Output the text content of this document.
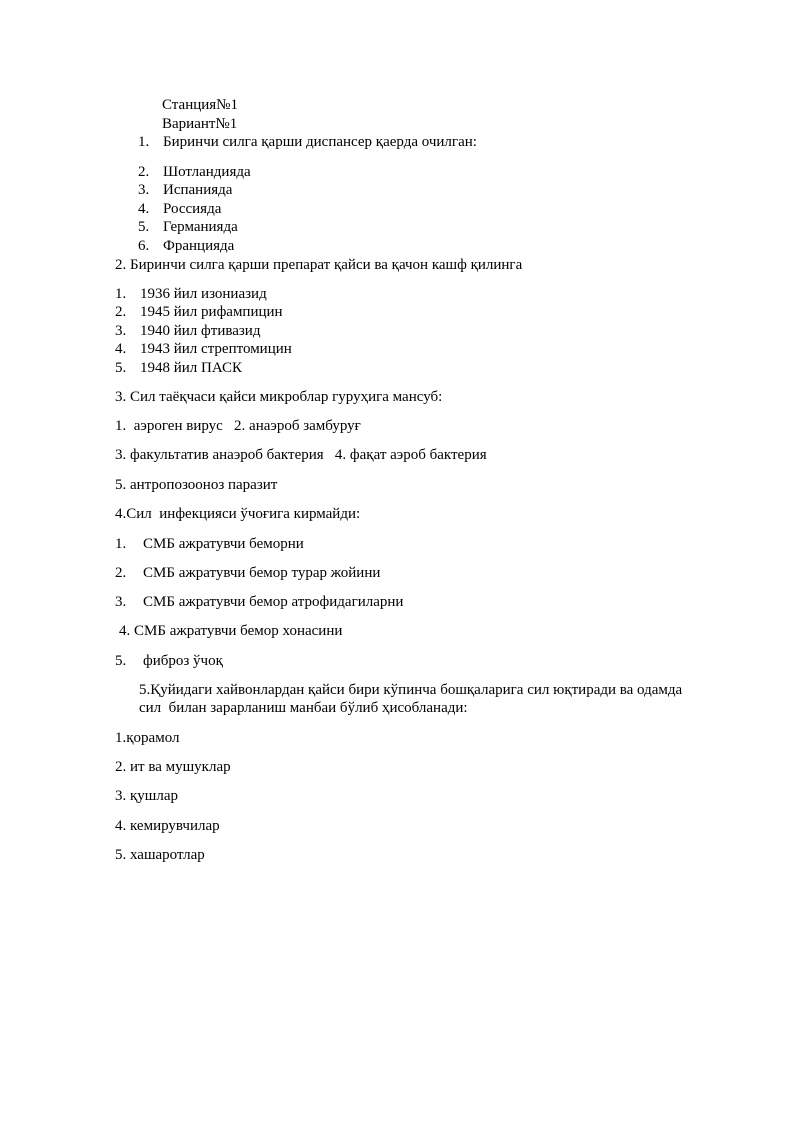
Станция№1
Вариант№1
1. Биринчи силга қарши диспансер қаерда очилган:
2. Шотландияда
3. Испанияда
4. Россияда
5. Германияда
6. Францияда
2. Биринчи силга қарши препарат қайси ва қачон кашф қилинга
1. 1936 йил изониазид
2. 1945 йил рифампицин
3. 1940 йил фтивазид
4. 1943 йил стрептомицин
5. 1948 йил ПАСК
3. Сил таёқчаси қайси микроблар гуруҳига мансуб:
1.  аэроген вирус   2. анаэроб замбуруғ
3. факультатив анаэроб бактерия   4. фақат аэроб бактерия
5. антропозооноз паразит
4.Сил  инфекцияси ўчоғига кирмайди:
1. СМБ ажратувчи беморни
2. СМБ ажратувчи бемор турар жойини
3. СМБ ажратувчи бемор атрофидагиларни
4. СМБ ажратувчи бемор хонасини
5. фиброз ўчоқ
5.Қуйидаги хайвонлардан қайси бири кўпинча бошқаларига сил юқтиради ва одамда
сил  билан зарарланиш манбаи бўлиб ҳисобланади:
1.қорамол
2. ит ва мушуклар
3. қушлар
4. кемирувчилар
5. хашаротлар
